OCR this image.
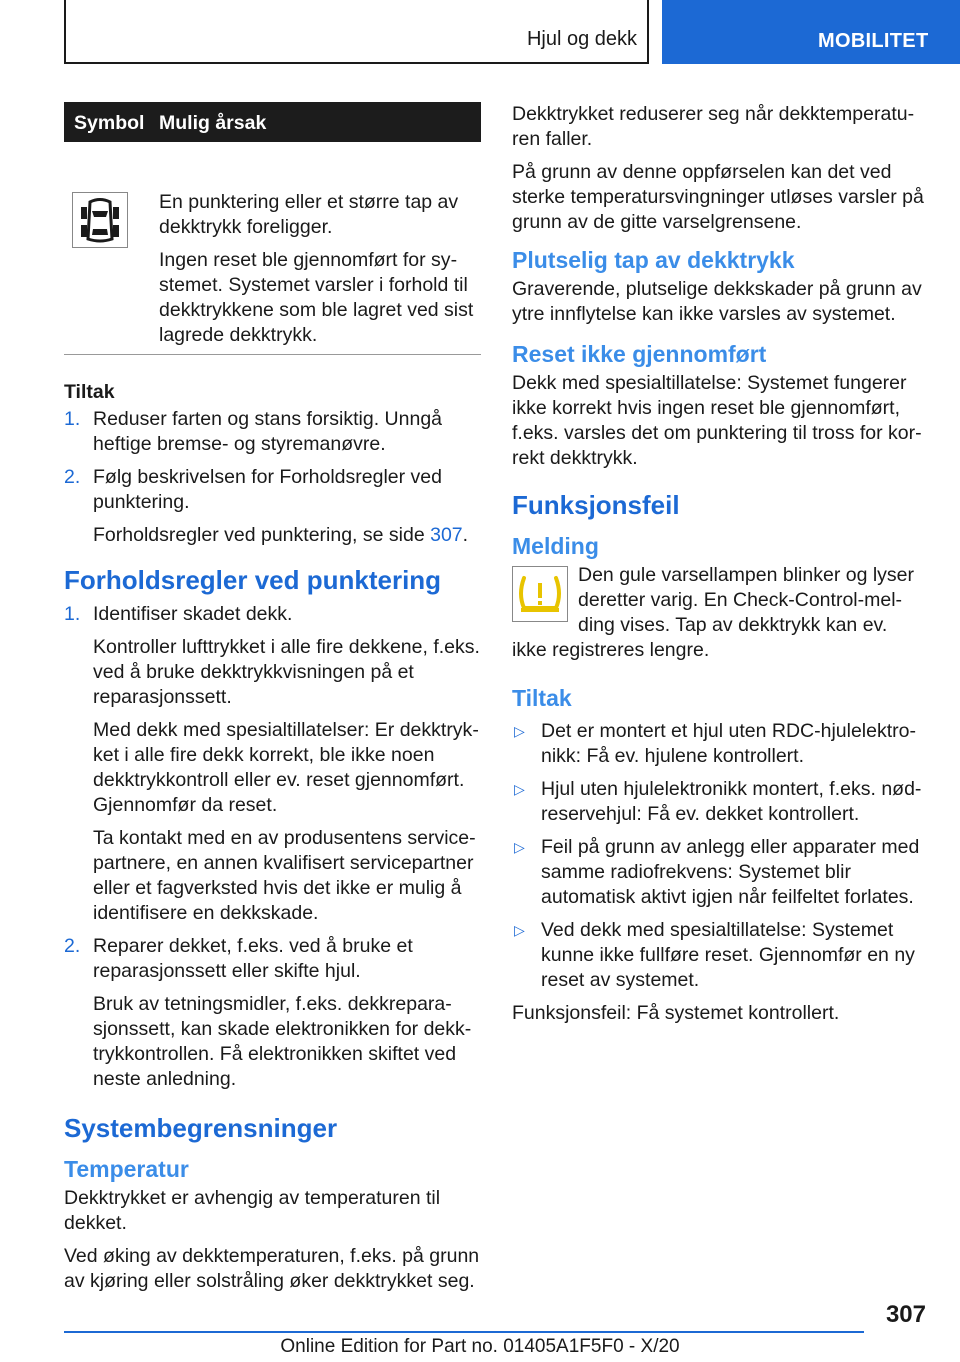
Hjul og dekk	MOBILITET
Symbol Mulig årsak

En punktering eller et større tap av dekktrykk foreligger.

Ingen reset ble gjennomført for systemet. Systemet varsler i forhold til dekktrykkene som ble lagret ved sist lagrede dekktrykk.

Tiltak

1. Reduser farten og stans forsiktig. Unngå heftige bremse- og styremanøvre.

2. Følg beskrivelsen for Forholdsregler ved punktering.

Forholdsregler ved punktering, se side 307.

Forholdsregler ved punktering
1. Identifiser skadet dekk.

Kontroller lufttrykket i alle fire dekkene, f.eks. ved å bruke dekktrykkvisningen på et reparasjonssett.

Med dekk med spesialtillatelser: Er dekktrykket i alle fire dekk korrekt, ble ikke noen dekktrykkontroll eller ev. reset gjennomført. Gjennomfør da reset.

Ta kontakt med en av produsentens servicepartnere, en annen kvalifisert servicepartner eller et fagverksted hvis det ikke er mulig å identifisere en dekkskade.

2. Reparer dekket, f.eks. ved å bruke et reparasjonssett eller skifte hjul.

Bruk av tetningsmidler, f.eks. dekkreparasjonssett, kan skade elektronikken for dekktrykkontrollen. Få elektronikken skiftet ved neste anledning.

Systembegrensninger
Temperatur

Dekktrykket er avhengig av temperaturen til dekket.

Ved øking av dekktemperaturen, f.eks. på grunn av kjøring eller solstråling øker dekktrykket seg.

Dekktrykket reduserer seg når dekktemperaturen faller.

På grunn av denne oppførselen kan det ved sterke temperatursvingninger utløses varsler på grunn av de gitte varselgrensene.

Plutselig tap av dekktrykk

Graverende, plutselige dekkskader på grunn av ytre innflytelse kan ikke varsles av systemet.

Reset ikke gjennomført

Dekk med spesialtillatelse: Systemet fungerer ikke korrekt hvis ingen reset ble gjennomført, f.eks. varsles det om punktering til tross for korrekt dekktrykk.

Funksjonsfeil
Melding

Den gule varsellampen blinker og lyser deretter varig. En Check-Control-melding vises. Tap av dekktrykk kan ev. ikke registreres lengre.

Tiltak
▷ Det er montert et hjul uten RDC-hjulelektronikk: Få ev. hjulene kontrollert.
▷ Hjul uten hjulelektronikk montert, f.eks. nødreservehjul: Få ev. dekket kontrollert.
▷ Feil på grunn av anlegg eller apparater med samme radiofrekvens: Systemet blir automatisk aktivt igjen når feilfeltet forlates.
▷ Ved dekk med spesialtillatelse: Systemet kunne ikke fullføre reset. Gjennomfør en ny reset av systemet.

Funksjonsfeil: Få systemet kontrollert.

307
Online Edition for Part no. 01405A1F5F0 - X/20
